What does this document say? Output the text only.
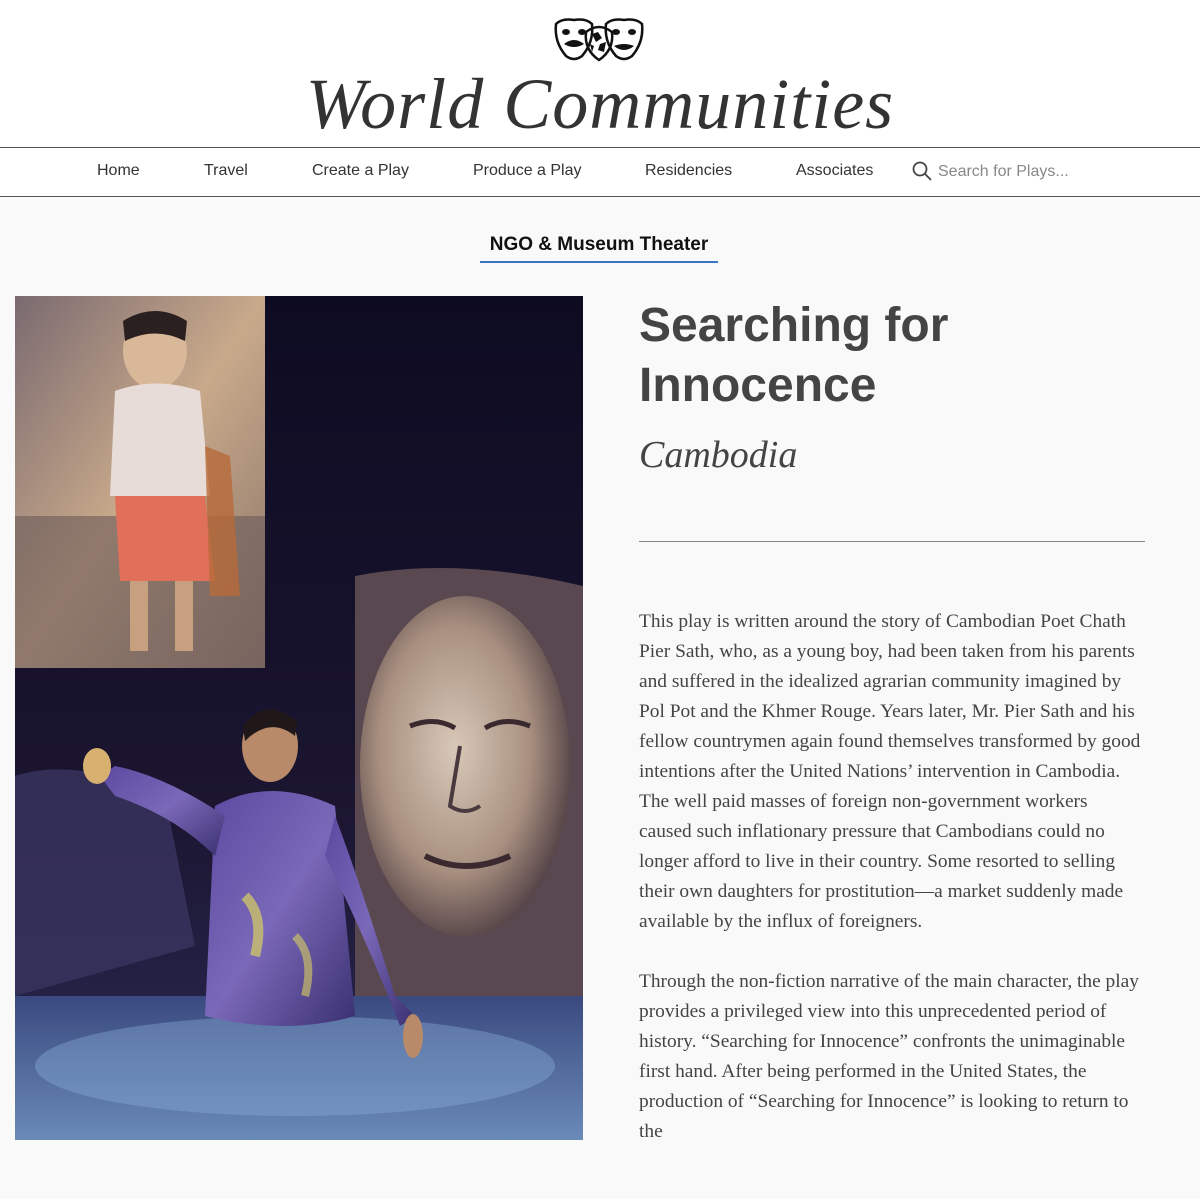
World Communities
Home	Travel	Create a Play	Produce a Play	Residencies	Associates
Search for Plays...
NGO & Museum Theater
Searching for Innocence
Cambodia

This play is written around the story of Cambodian Poet Chath Pier Sath, who, as a young boy, had been taken from his parents and suffered in the idealized agrarian community imagined by Pol Pot and the Khmer Rouge. Years later, Mr. Pier Sath and his fellow countrymen again found themselves transformed by good intentions after the United Nations’ intervention in Cambodia. The well paid masses of foreign non-government workers caused such inflationary pressure that Cambodians could no longer afford to live in their country. Some resorted to selling their own daughters for prostitution—a market suddenly made available by the influx of foreigners.

Through the non-fiction narrative of the main character, the play provides a privileged view into this unprecedented period of history. “Searching for Innocence” confronts the unimaginable first hand. After being performed in the United States, the production of “Searching for Innocence” is looking to return to the
